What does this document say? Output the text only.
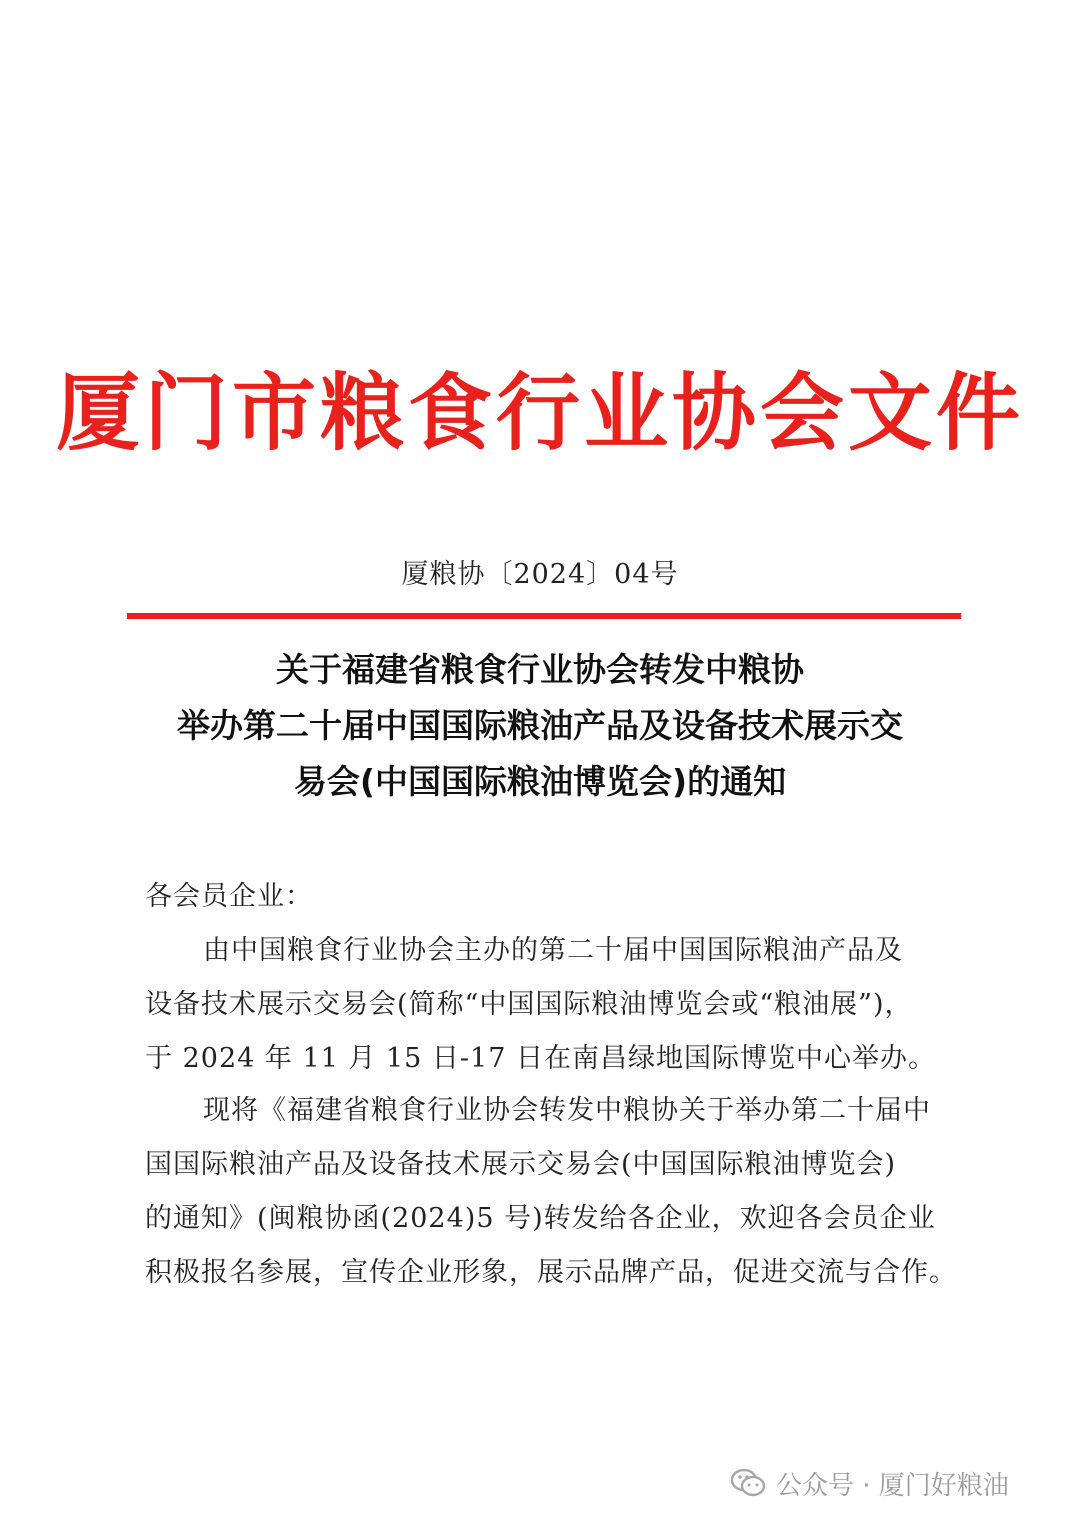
厦门市粮食行业协会文件
厦粮协〔2024〕04号
关于福建省粮食行业协会转发中粮协
举办第二十届中国国际粮油产品及设备技术展示交
易会(中国国际粮油博览会)的通知
各会员企业：
由中国粮食行业协会主办的第二十届中国国际粮油产品及
设备技术展示交易会(简称“中国国际粮油博览会或“粮油展”)，
于 2024 年 11 月 15 日-17 日在南昌绿地国际博览中心举办。
现将《福建省粮食行业协会转发中粮协关于举办第二十届中
国国际粮油产品及设备技术展示交易会(中国国际粮油博览会)
的通知》(闽粮协函(2024)5 号)转发给各企业，欢迎各会员企业
积极报名参展，宣传企业形象，展示品牌产品，促进交流与合作。
公众号 · 厦门好粮油
